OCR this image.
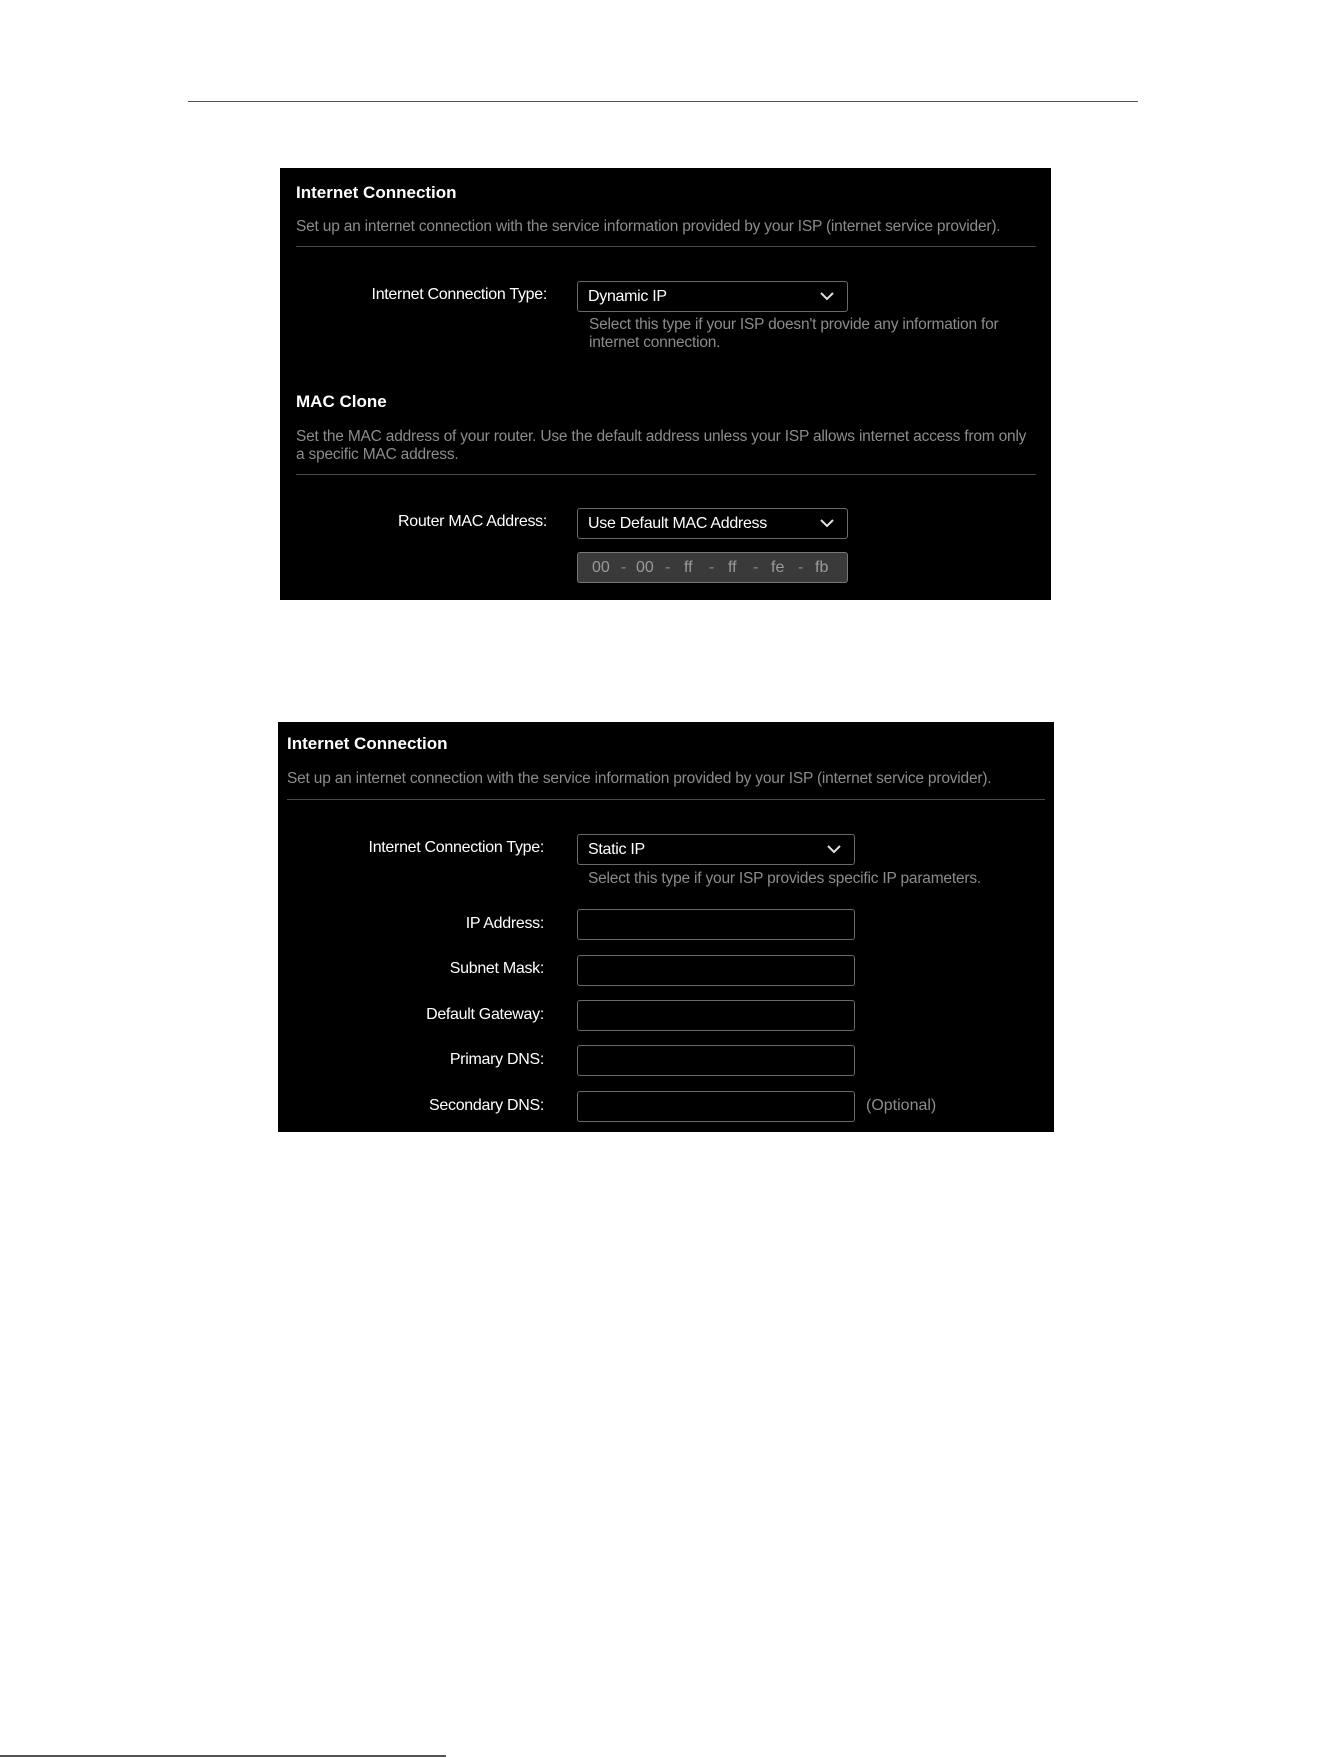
Internet Connection
Set up an internet connection with the service information provided by your ISP (internet service provider).
Internet Connection Type:	Dynamic IP
Select this type if your ISP doesn't provide any information for internet connection.
MAC Clone
Set the MAC address of your router. Use the default address unless your ISP allows internet access from only a specific MAC address.
Router MAC Address:	Use Default MAC Address
00 - 00 - ff - ff - fe - fb
Internet Connection
Set up an internet connection with the service information provided by your ISP (internet service provider).
Internet Connection Type:	Static IP
Select this type if your ISP provides specific IP parameters.
IP Address:
Subnet Mask:
Default Gateway:
Primary DNS:
Secondary DNS:	(Optional)
